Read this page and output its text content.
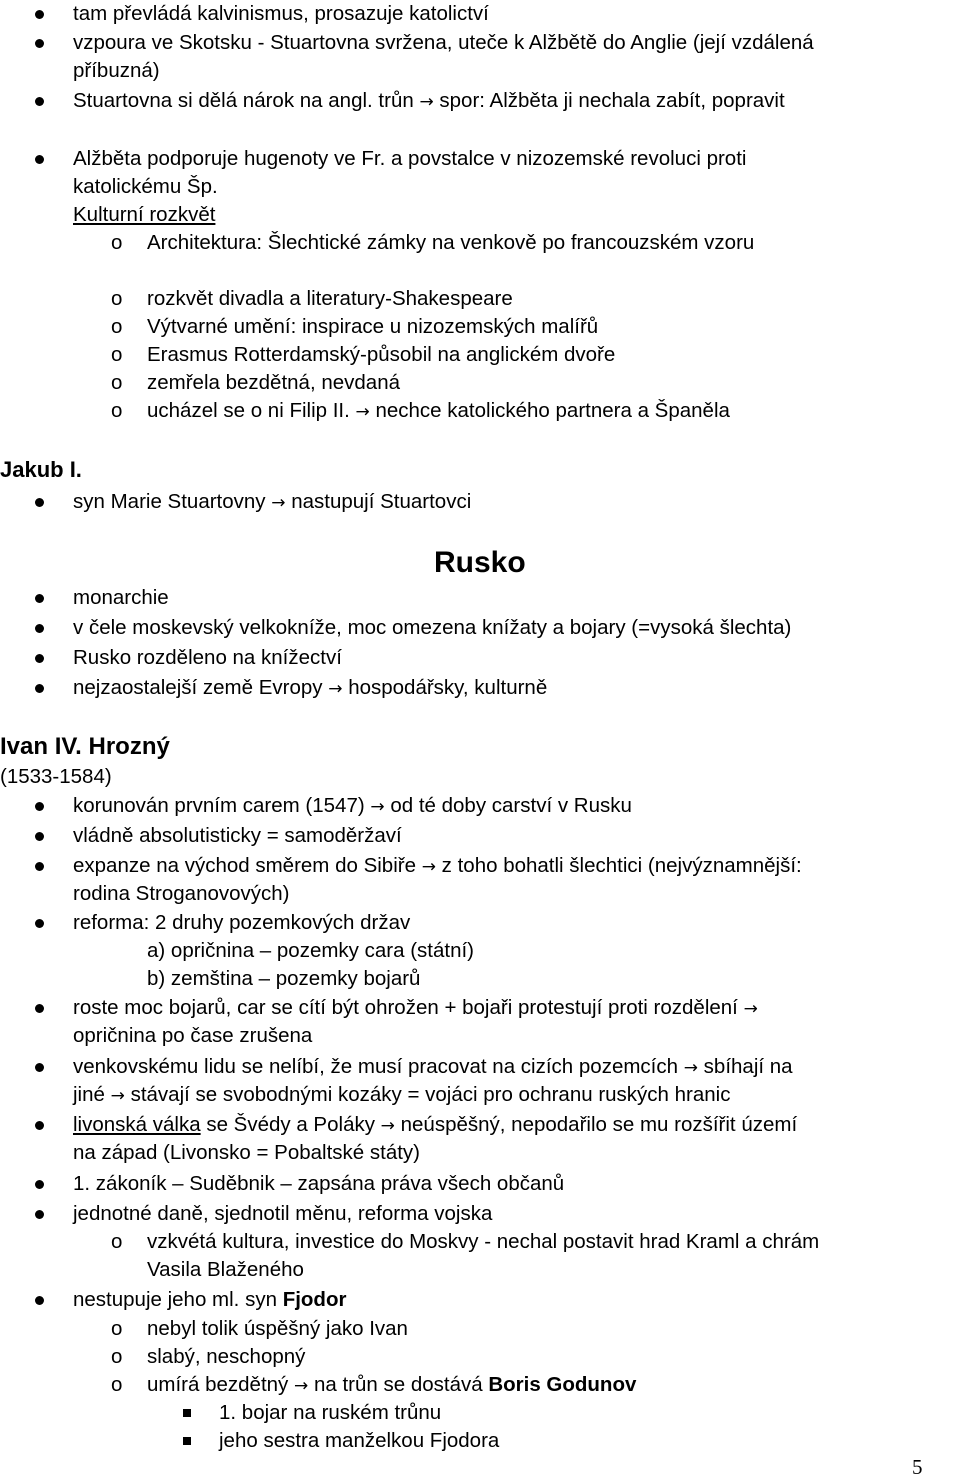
tam převládá kalvinismus, prosazuje katolictví
vzpoura ve Skotsku - Stuartovna svržena, uteče k Alžbětě do Anglie (její vzdálená
příbuzná)
Stuartovna si dělá nárok na angl. trůn → spor: Alžběta ji nechala zabít, popravit
Alžběta podporuje hugenoty ve Fr. a povstalce v nizozemské revoluci proti
katolickému Šp.
Kulturní rozkvět
o Architektura: Šlechtické zámky na venkově po francouzském vzoru
o rozkvět divadla a literatury-Shakespeare
o Výtvarné umění: inspirace u nizozemských malířů
o Erasmus Rotterdamský-působil na anglickém dvoře
o zemřela bezdětná, nevdaná
o ucházel se o ni Filip II. → nechce katolického partnera a Španěla
Jakub I.
syn Marie Stuartovny → nastupují Stuartovci
Rusko
monarchie
v čele moskevský velkokníže, moc omezena knížaty a bojary (=vysoká šlechta)
Rusko rozděleno na knížectví
nejzaostalejší země Evropy → hospodářsky, kulturně
Ivan IV. Hrozný
(1533-1584)
korunován prvním carem (1547) → od té doby carství v Rusku
vládně absolutisticky = samoděržaví
expanze na východ směrem do Sibiře → z toho bohatli šlechtici (nejvýznamnější:
rodina Stroganovových)
reforma: 2 druhy pozemkových držav
a) opričnina – pozemky cara (státní)
b) zemština – pozemky bojarů
roste moc bojarů, car se cítí být ohrožen + bojaři protestují proti rozdělení →
opričnina po čase zrušena
venkovskému lidu se nelíbí, že musí pracovat na cizích pozemcích → sbíhají na
jiné → stávají se svobodnými kozáky = vojáci pro ochranu ruských hranic
livonská válka se Švédy a Poláky → neúspěšný, nepodařilo se mu rozšířit území
na západ (Livonsko = Pobaltské státy)
1. zákoník – Suděbnik – zapsána práva všech občanů
jednotné daně, sjednotil měnu, reforma vojska
o vzkvétá kultura, investice do Moskvy - nechal postavit hrad Kraml a chrám
Vasila Blaženého
nestupuje jeho ml. syn Fjodor
o nebyl tolik úspěšný jako Ivan
o slabý, neschopný
o umírá bezdětný → na trůn se dostává Boris Godunov
1. bojar na ruském trůnu
jeho sestra manželkou Fjodora
5
